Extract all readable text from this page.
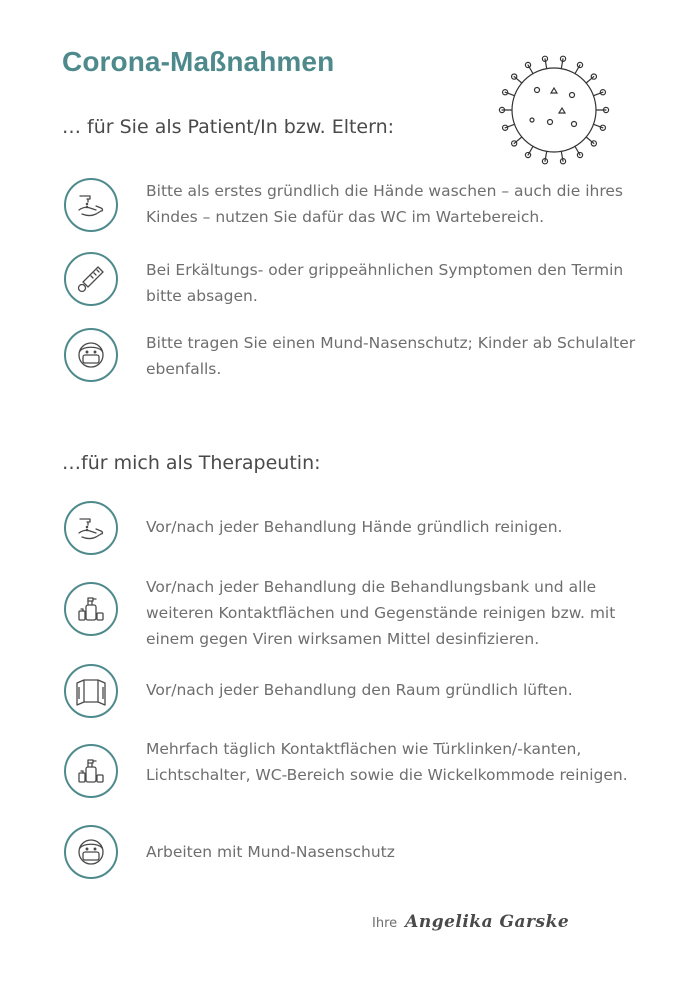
Corona-Maßnahmen
… für Sie als Patient/In bzw. Eltern:

Bitte als erstes gründlich die Hände waschen – auch die ihres Kindes – nutzen Sie dafür das WC im Wartebereich.

Bei Erkältungs- oder grippeähnlichen Symptomen den Termin bitte absagen.

Bitte tragen Sie einen Mund-Nasenschutz; Kinder ab Schulalter ebenfalls.

…für mich als Therapeutin:

Vor/nach jeder Behandlung Hände gründlich reinigen.

Vor/nach jeder Behandlung die Behandlungsbank und alle weiteren Kontaktflächen und Gegenstände reinigen bzw. mit einem gegen Viren wirksamen Mittel desinfizieren.

Vor/nach jeder Behandlung den Raum gründlich lüften.

Mehrfach täglich Kontaktflächen wie Türklinken/-kanten, Lichtschalter, WC-Bereich sowie die Wickelkommode reinigen.

Arbeiten mit Mund-Nasenschutz

Ihre Angelika Garske
